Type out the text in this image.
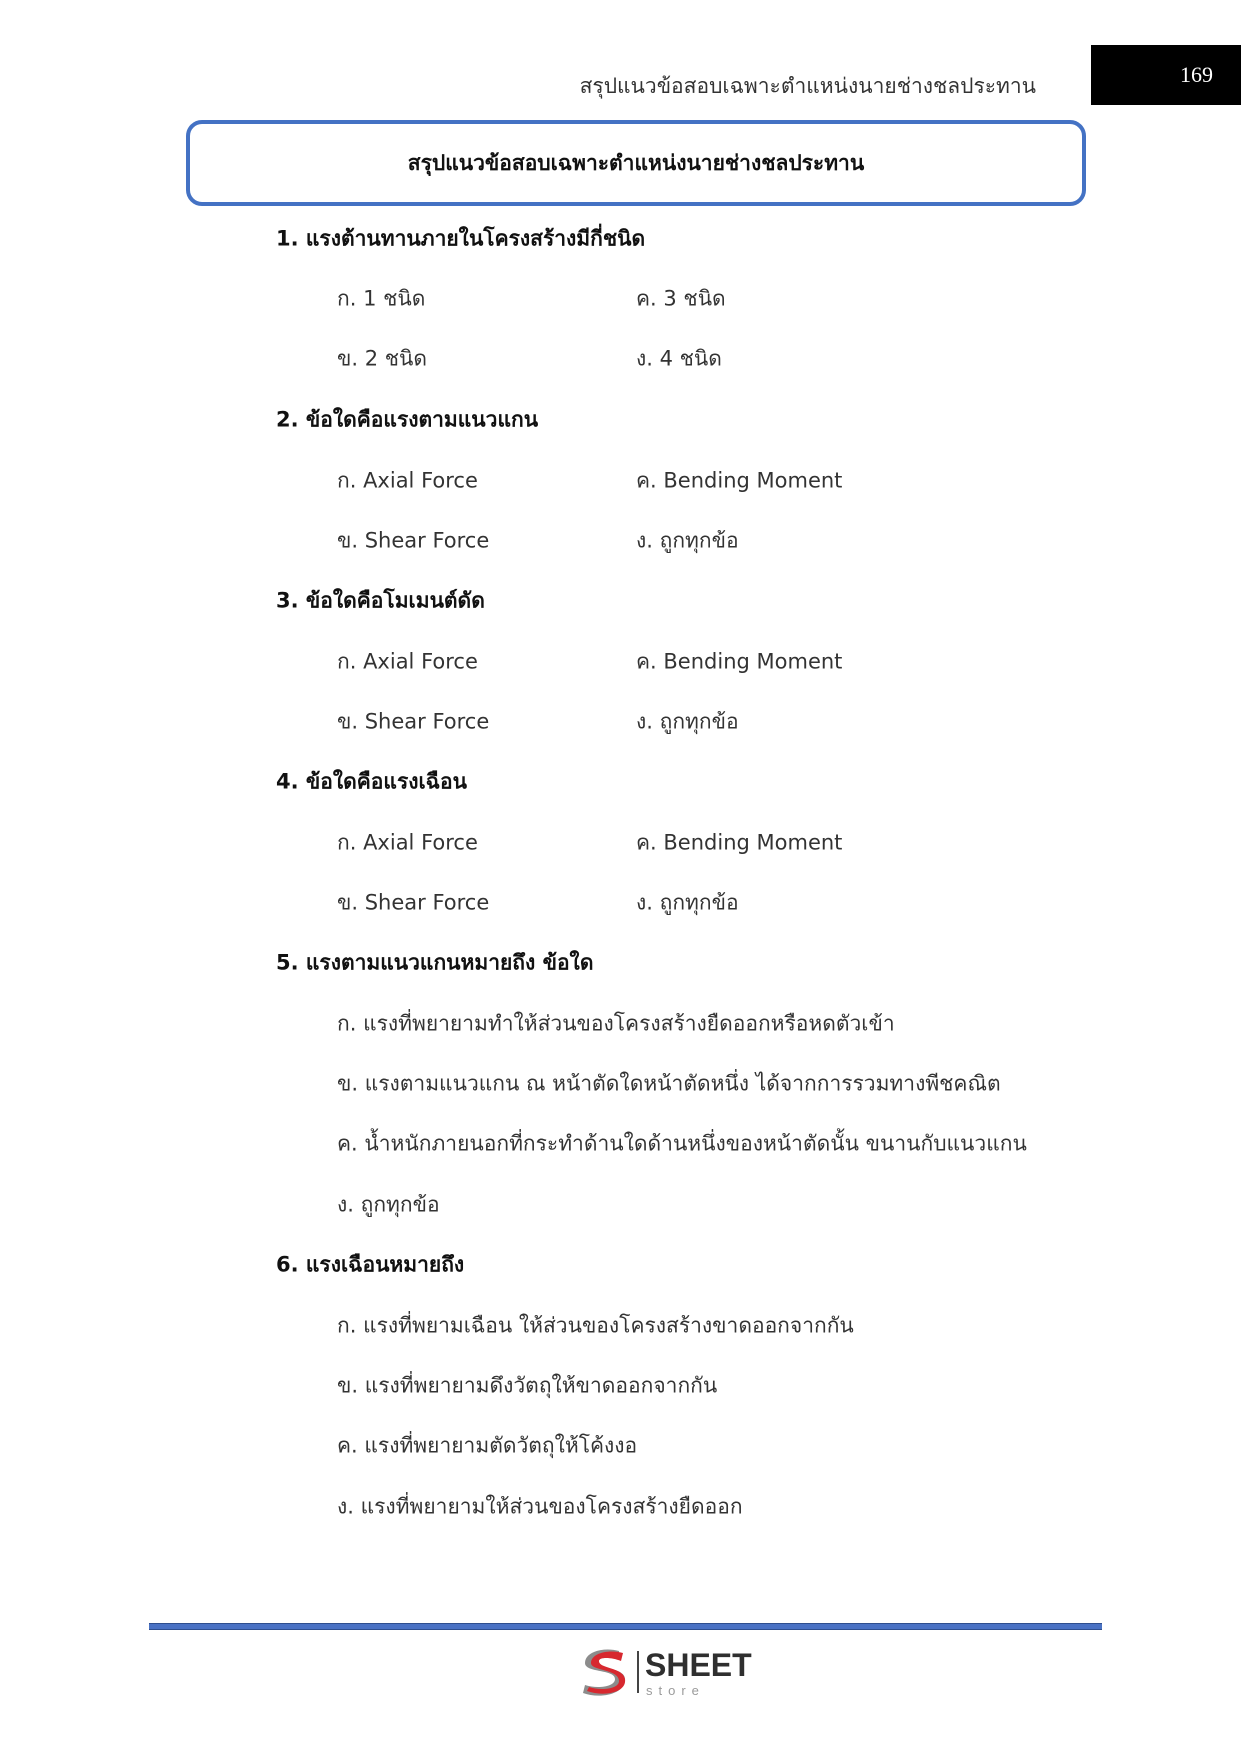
สรุปแนวข้อสอบเฉพาะตำแหน่งนายช่างชลประทาน	169
สรุปแนวข้อสอบเฉพาะตำแหน่งนายช่างชลประทาน
1. แรงต้านทานภายในโครงสร้างมีกี่ชนิด
ก. 1 ชนิด	ค. 3 ชนิด
ข. 2 ชนิด	ง. 4 ชนิด
2. ข้อใดคือแรงตามแนวแกน
ก. Axial Force	ค. Bending Moment
ข. Shear Force	ง. ถูกทุกข้อ
3. ข้อใดคือโมเมนต์ดัด
ก. Axial Force	ค. Bending Moment
ข. Shear Force	ง. ถูกทุกข้อ
4. ข้อใดคือแรงเฉือน
ก. Axial Force	ค. Bending Moment
ข. Shear Force	ง. ถูกทุกข้อ
5. แรงตามแนวแกนหมายถึง ข้อใด
ก. แรงที่พยายามทำให้ส่วนของโครงสร้างยืดออกหรือหดตัวเข้า
ข. แรงตามแนวแกน ณ หน้าตัดใดหน้าตัดหนึ่ง ได้จากการรวมทางพีชคณิต
ค. น้ำหนักภายนอกที่กระทำด้านใดด้านหนึ่งของหน้าตัดนั้น ขนานกับแนวแกน
ง. ถูกทุกข้อ
6. แรงเฉือนหมายถึง
ก. แรงที่พยามเฉือน ให้ส่วนของโครงสร้างขาดออกจากกัน
ข. แรงที่พยายามดึงวัตถุให้ขาดออกจากกัน
ค. แรงที่พยายามตัดวัตถุให้โค้งงอ
ง. แรงที่พยายามให้ส่วนของโครงสร้างยืดออก
SHEET
store
